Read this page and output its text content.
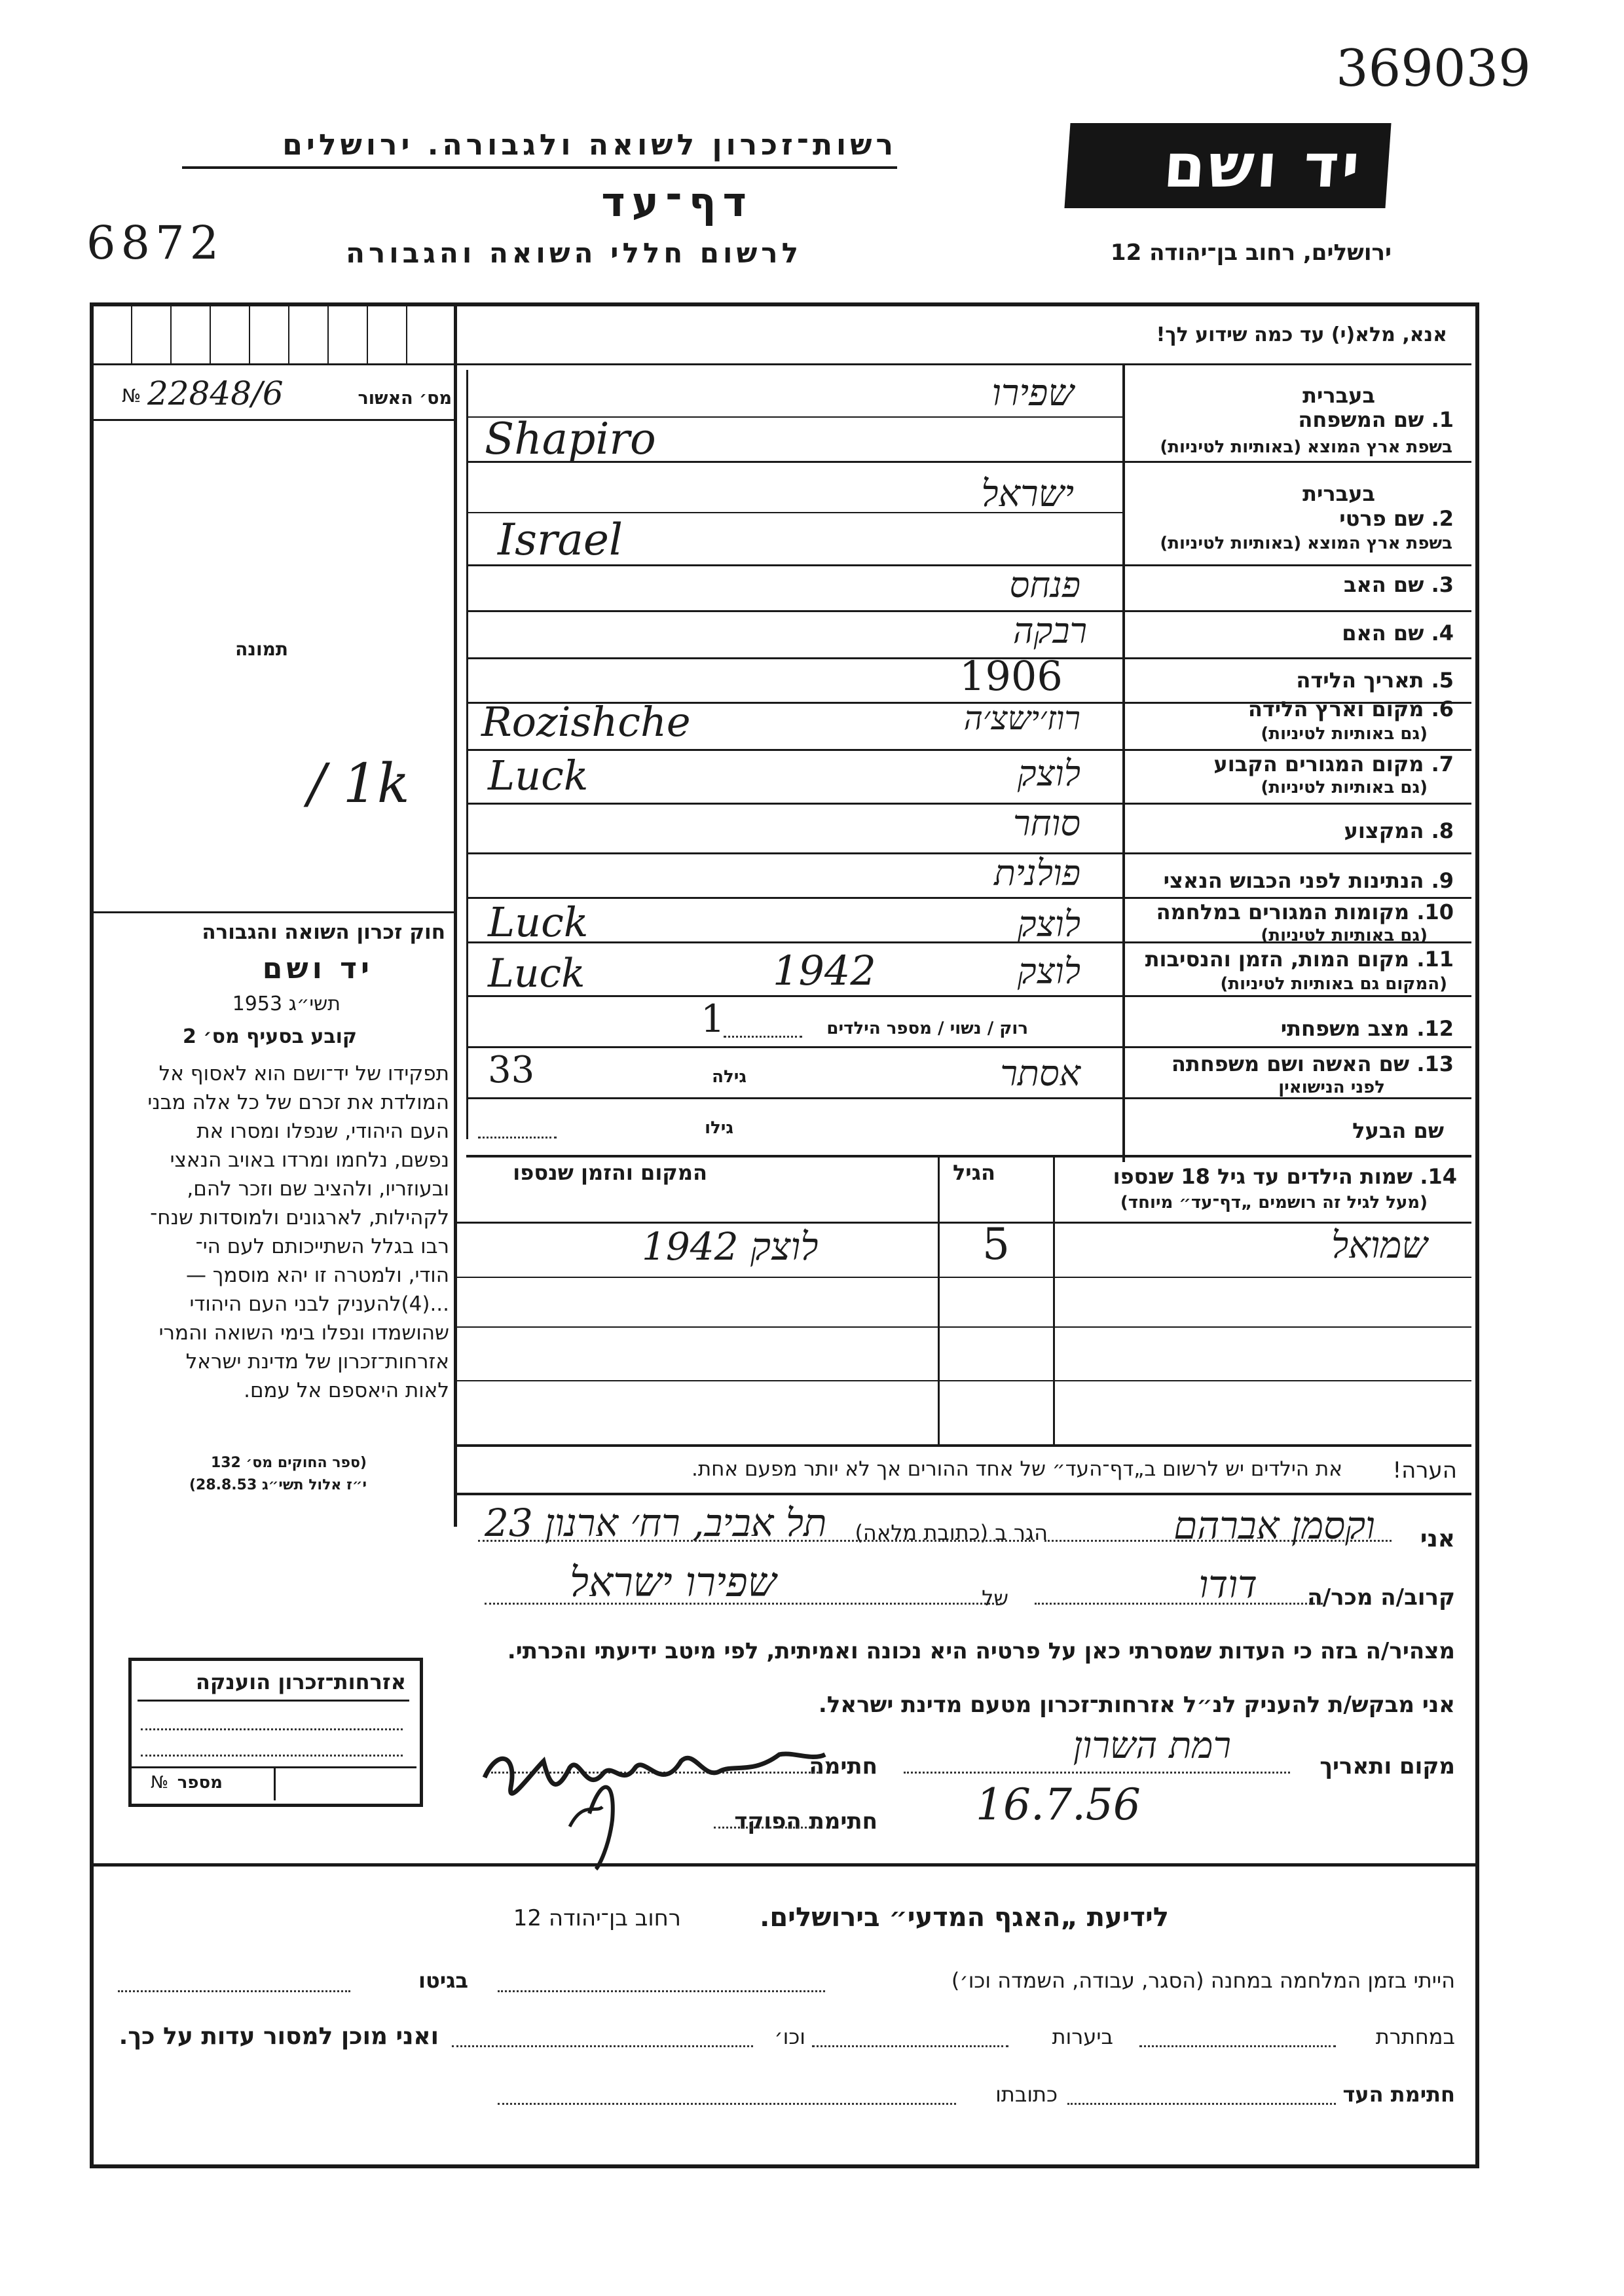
369039
יד ושם
רשות־זכרון לשואה ולגבורה. ירושלים
דף־עד
6872	לרשום חללי השואה והגבורה	ירושלים, רחוב בן־יהודה 12
מס׳ האשור
№ 22848/6
תמונה
/ 1k
חוק זכרון השואה והגבורה
יד ושם
תשי״ג 1953
קובע בסעיף מס׳ 2
תפקידו של יד־ושם הוא לאסוף אל
המולדת את זכרם של כל אלה מבני
העם היהודי, שנפלו ומסרו את
נפשם, נלחמו ומרדו באויב הנאצי
ובעוזריו, ולהציב שם וזכר להם,
לקהילות, לארגונים ולמוסדות שנח־
רבו בגלל השתייכותם לעם הי־
הודי, ולמטרה זו יהא מוסמך —
...(4)להעניק לבני העם היהודי
שהושמדו ונפלו בימי השואה והמרי
אזרחות־זכרון של מדינת ישראל
לאות היאספם אל עמם.
(ספר החוקים מס׳ 132
י״ז אלול תשי״ג 28.8.53)
אזרחות־זכרון הוענקה
מספר
№
אנא, מלא(י) עד כמה שידוע לך!
בעברית
1. שם המשפחה
בשפת ארץ המוצא (באותיות לטיניות)
שפירו
Shapiro
בעברית
2. שם פרטי
בשפת ארץ המוצא (באותיות לטיניות)
ישראל
Israel
3. שם האב
פנחס
4. שם האם
רבקה
5. תאריך הלידה
1906
6. מקום וארץ הלידה
(גם באותיות לטיניות)
רוז׳ישצ׳ה
Rozishche
7. מקום המגורים הקבוע
(גם באותיות לטיניות)
לוצק
Luck
8. המקצוע
סוחר
9. הנתינות לפני הכבוש הנאצי
פולנית
10. מקומות המגורים במלחמה
(גם באותיות לטיניות)
לוצק
Luck
11. מקום המות, הזמן והנסיבות
(המקום גם באותיות לטיניות)
לוצק
1942
Luck
12. מצב משפחתי
רוק / נשוי / מספר הילדים
1
13. שם האשה ושם משפחתה
לפני הנישואין
אסתר
גילה
33
שם הבעל
גילו
14. שמות הילדים עד גיל 18 שנספו
(מעל לגיל זה רושמים „דף־עד״ מיוחד)
הגיל
המקום והזמן שנספו
שמואל
5
לוצק 1942
הערה!
את הילדים יש לרשום ב„דף־העד״ של אחד ההורים אך לא יותר מפעם אחת.
אני
וקסמן אברהם
הגר ב (כתובת מלאה)
תל אביב, רח׳ ארנון 23
קרוב/ה מכר/ה
דודו
של
שפירו ישראל
מצהיר/ה בזה כי העדות שמסרתי כאן על פרטיה היא נכונה ואמיתית, לפי מיטב ידיעתי והכרתי.
אני מבקש/ת להעניק לנ״ל אזרחות־זכרון מטעם מדינת ישראל.
מקום ותאריך
רמת השרון
16.7.56
חתימה
חתימת הפוקד
לידיעת „האגף המדעי״ בירושלים.
רחוב בן־יהודה 12
הייתי בזמן המלחמה במחנה (הסגר, עבודה, השמדה וכו׳)
בגיטו
במחתרת
ביערות
וכו׳
ואני מוכן למסור עדות על כך.
חתימת העד
כתובתו
